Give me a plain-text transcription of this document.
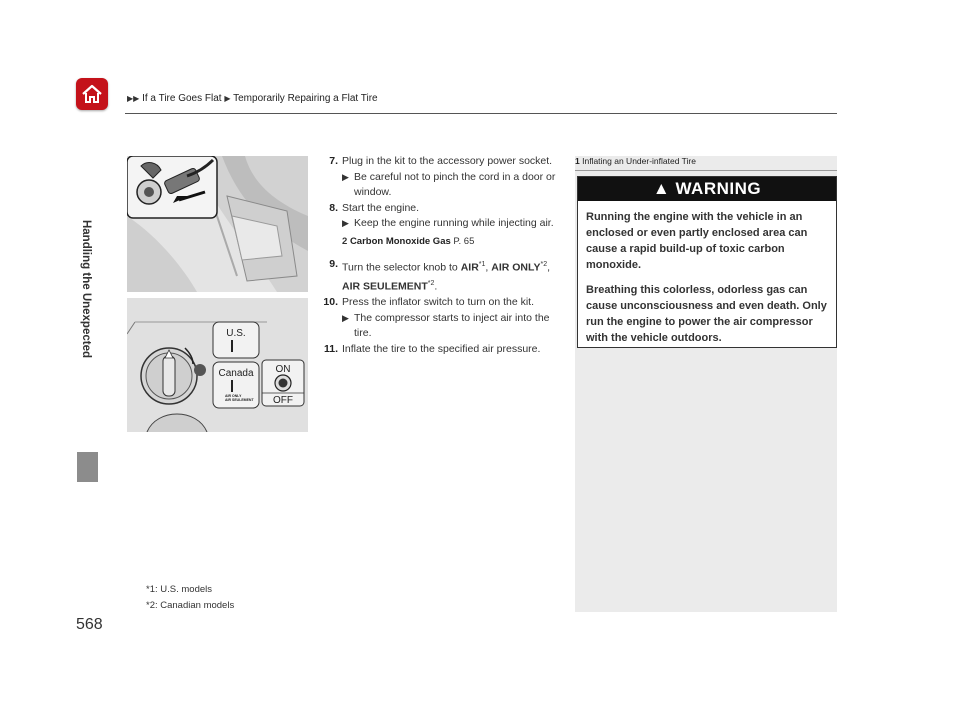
▶▶ If a Tire Goes Flat ▶ Temporarily Repairing a Flat Tire
Handling the Unexpected	U.S.
Canada
AIR ONLY
AIR SEULEMENT
ON
OFF
7. Plug in the kit to the accessory power socket.
▶ Be careful not to pinch the cord in a door or window.
8. Start the engine.
▶ Keep the engine running while injecting air.
2 Carbon Monoxide Gas P. 65
9. Turn the selector knob to AIR$^{*1}$, AIR ONLY$^{*2}$, AIR SEULEMENT$^{*2}$.
10. Press the inflator switch to turn on the kit.
▶ The compressor starts to inject air into the tire.
11. Inflate the tire to the specified air pressure.
1 Inflating an Under-inflated Tire
▲ WARNING

Running the engine with the vehicle in an enclosed or even partly enclosed area can cause a rapid build-up of toxic carbon monoxide.

Breathing this colorless, odorless gas can cause unconsciousness and even death. Only run the engine to power the air compressor with the vehicle outdoors.

*1: U.S. models
*2: Canadian models
568
